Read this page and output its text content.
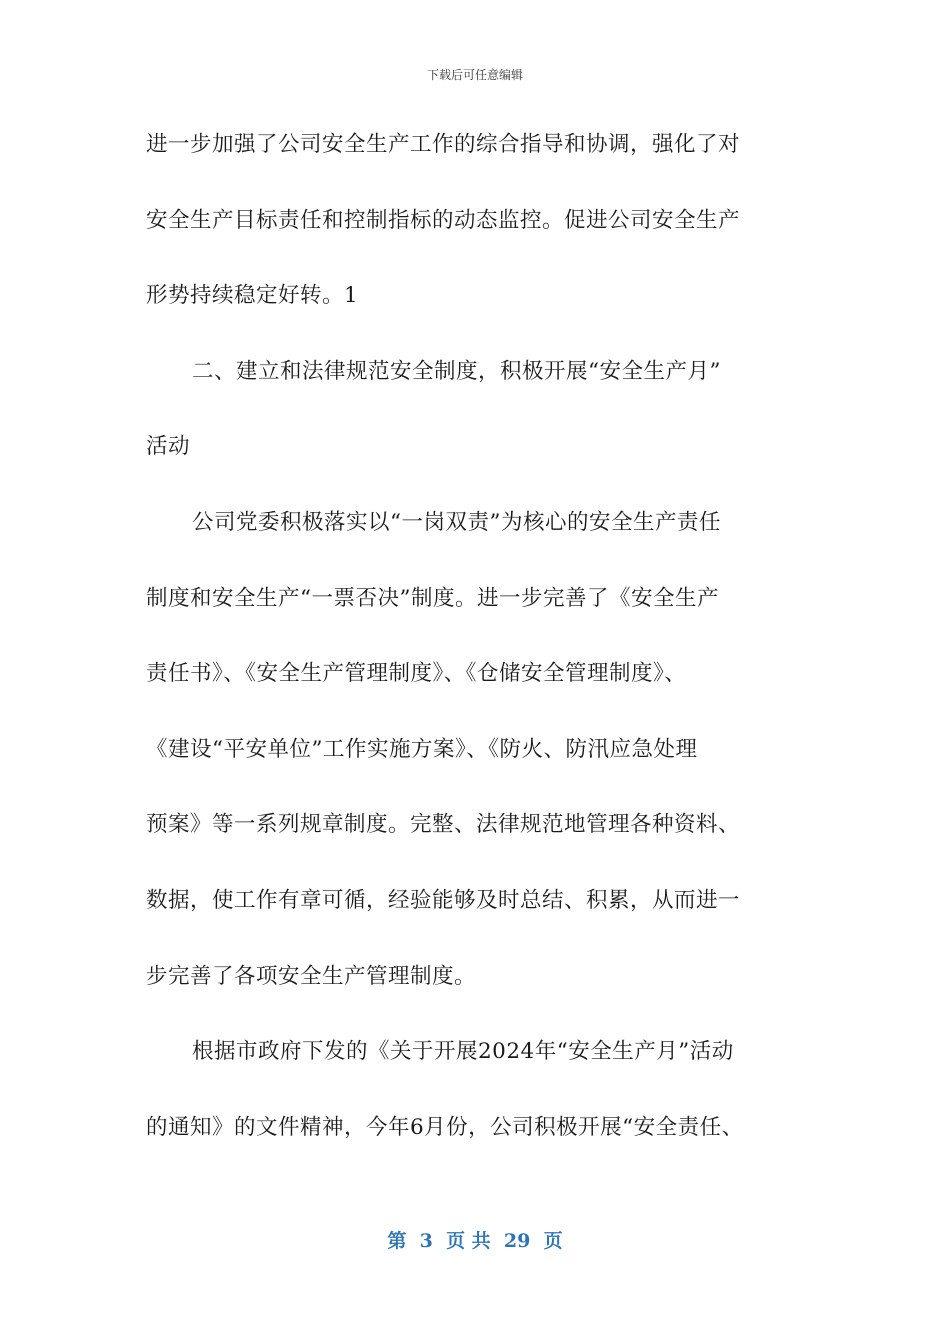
下载后可任意编辑
进一步加强了公司安全生产工作的综合指导和协调，强化了对
安全生产目标责任和控制指标的动态监控。促进公司安全生产
形势持续稳定好转。1
二、建立和法律规范安全制度，积极开展“安全生产月”
活动
公司党委积极落实以“一岗双责”为核心的安全生产责任
制度和安全生产“一票否决”制度。进一步完善了《安全生产
责任书》、《安全生产管理制度》、《仓储安全管理制度》、
《建设“平安单位”工作实施方案》、《防火、防汛应急处理
预案》等一系列规章制度。完整、法律规范地管理各种资料、
数据，使工作有章可循，经验能够及时总结、积累，从而进一
步完善了各项安全生产管理制度。
根据市政府下发的《关于开展2024年“安全生产月”活动
的通知》的文件精神，今年6月份，公司积极开展“安全责任、
第  3  页 共  29  页
